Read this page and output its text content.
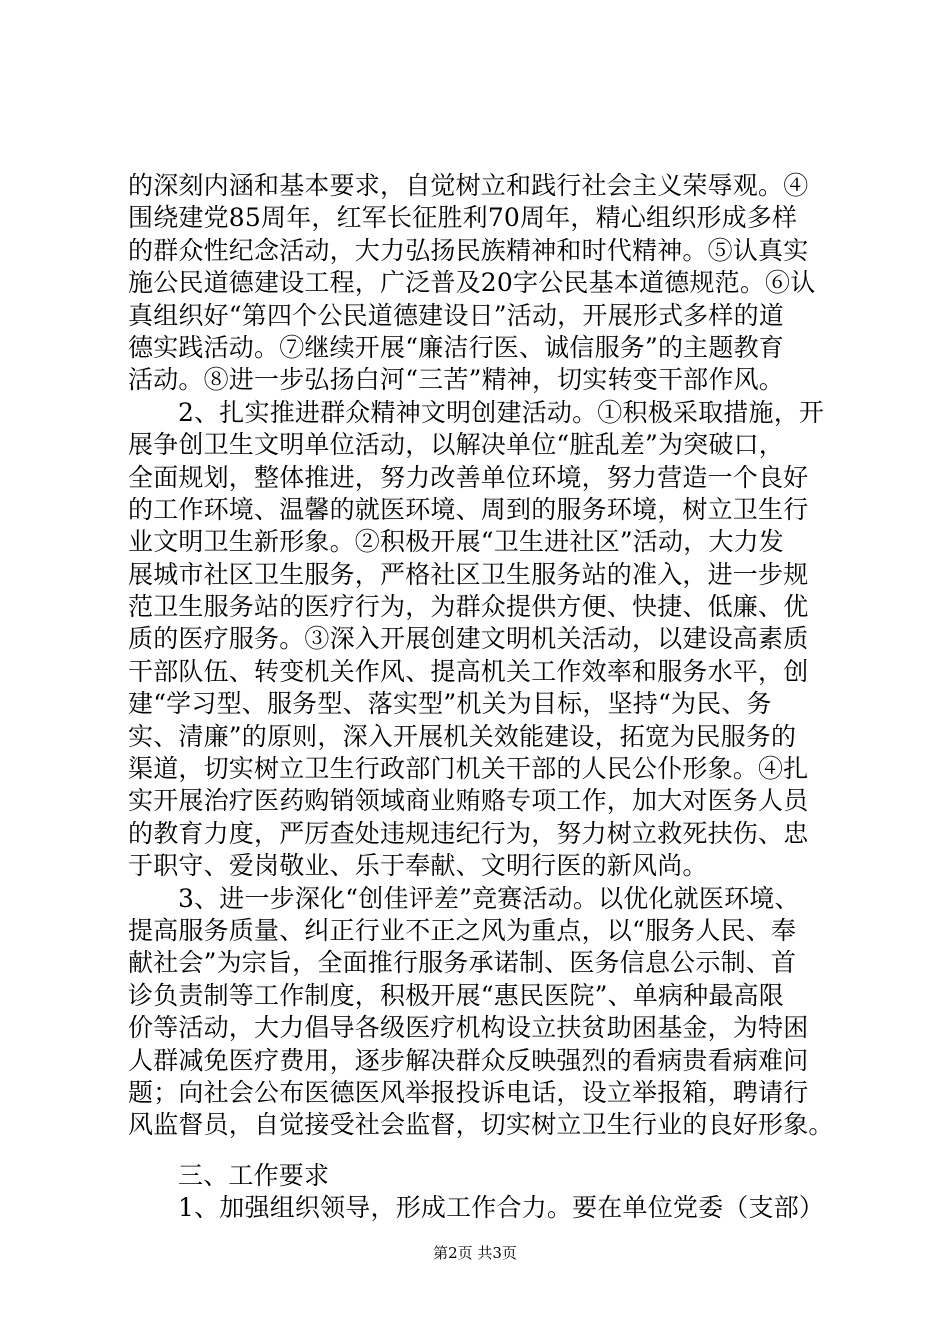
的深刻内涵和基本要求，自觉树立和践行社会主义荣辱观。④
围绕建党85周年，红军长征胜利70周年，精心组织形成多样
的群众性纪念活动，大力弘扬民族精神和时代精神。⑤认真实
施公民道德建设工程，广泛普及20字公民基本道德规范。⑥认
真组织好“第四个公民道德建设日”活动，开展形式多样的道
德实践活动。⑦继续开展“廉洁行医、诚信服务”的主题教育
活动。⑧进一步弘扬白河“三苦”精神，切实转变干部作风。
2、扎实推进群众精神文明创建活动。①积极采取措施，开
展争创卫生文明单位活动，以解决单位“脏乱差”为突破口，
全面规划，整体推进，努力改善单位环境，努力营造一个良好
的工作环境、温馨的就医环境、周到的服务环境，树立卫生行
业文明卫生新形象。②积极开展“卫生进社区”活动，大力发
展城市社区卫生服务，严格社区卫生服务站的准入，进一步规
范卫生服务站的医疗行为，为群众提供方便、快捷、低廉、优
质的医疗服务。③深入开展创建文明机关活动，以建设高素质
干部队伍、转变机关作风、提高机关工作效率和服务水平，创
建“学习型、服务型、落实型”机关为目标，坚持“为民、务
实、清廉”的原则，深入开展机关效能建设，拓宽为民服务的
渠道，切实树立卫生行政部门机关干部的人民公仆形象。④扎
实开展治疗医药购销领域商业贿赂专项工作，加大对医务人员
的教育力度，严厉查处违规违纪行为，努力树立救死扶伤、忠
于职守、爱岗敬业、乐于奉献、文明行医的新风尚。
3、进一步深化“创佳评差”竞赛活动。以优化就医环境、
提高服务质量、纠正行业不正之风为重点，以“服务人民、奉
献社会”为宗旨，全面推行服务承诺制、医务信息公示制、首
诊负责制等工作制度，积极开展“惠民医院”、单病种最高限
价等活动，大力倡导各级医疗机构设立扶贫助困基金，为特困
人群减免医疗费用，逐步解决群众反映强烈的看病贵看病难问
题；向社会公布医德医风举报投诉电话，设立举报箱，聘请行
风监督员，自觉接受社会监督，切实树立卫生行业的良好形象。
三、工作要求
1、加强组织领导，形成工作合力。要在单位党委（支部）
第2页 共3页
